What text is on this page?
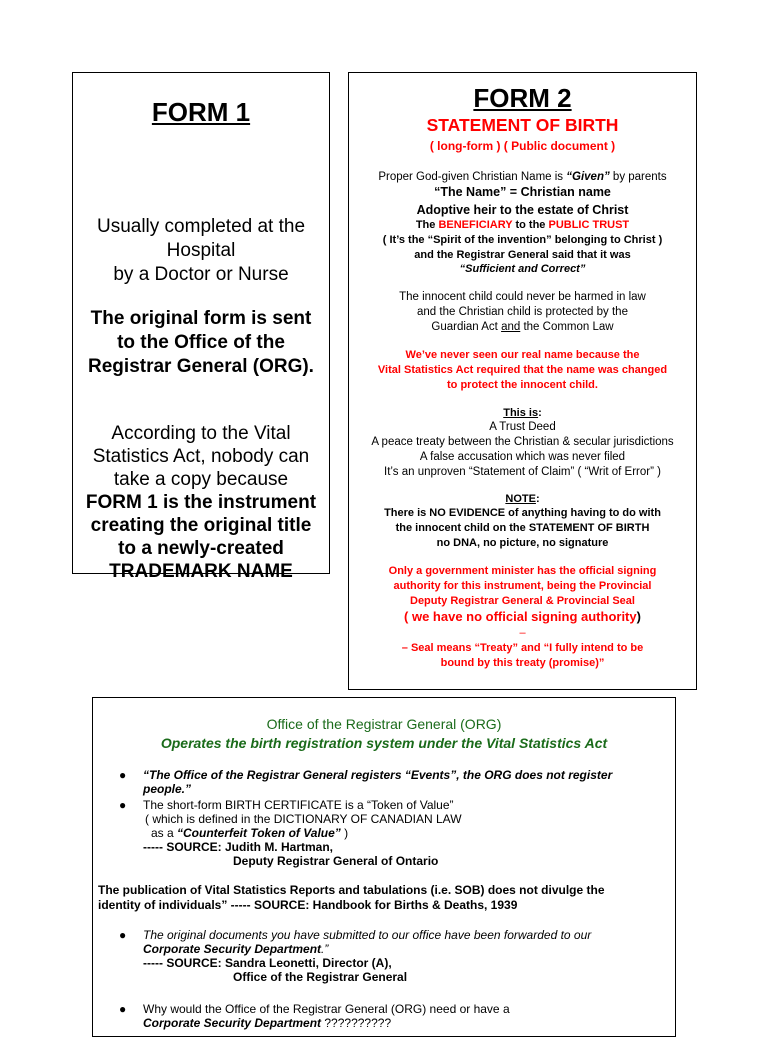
FORM 1
Usually completed at the
Hospital
by a Doctor or Nurse
The original form is sent
to the Office of the
Registrar General (ORG).
According to the Vital
Statistics Act, nobody can
take a copy because
FORM 1 is the instrument
creating the original title
to a newly-created
TRADEMARK NAME
FORM 2
STATEMENT OF BIRTH
( long-form ) ( Public document )
Proper God-given Christian Name is “Given” by parents
“The Name” = Christian name
Adoptive heir to the estate of Christ
The BENEFICIARY to the PUBLIC TRUST
( It’s the “Spirit of the invention” belonging to Christ )
and the Registrar General said that it was
“Sufficient and Correct”
The innocent child could never be harmed in law
and the Christian child is protected by the
Guardian Act and the Common Law
We’ve never seen our real name because the
Vital Statistics Act required that the name was changed
to protect the innocent child.
This is:
A Trust Deed
A peace treaty between the Christian & secular jurisdictions
A false accusation which was never filed
It’s an unproven “Statement of Claim” ( “Writ of Error” )
NOTE:
There is NO EVIDENCE of anything having to do with
the innocent child on the STATEMENT OF BIRTH
no DNA, no picture, no signature
Only a government minister has the official signing
authority for this instrument, being the Provincial
Deputy Registrar General & Provincial Seal
( we have no official signing authority)
–
– Seal means “Treaty” and “I fully intend to be
bound by this treaty (promise)”
Office of the Registrar General (ORG)
Operates the birth registration system under the Vital Statistics Act
● “The Office of the Registrar General registers “Events”, the ORG does not register
people.”
● The short-form BIRTH CERTIFICATE is a “Token of Value”
( which is defined in the DICTIONARY OF CANADIAN LAW
as a “Counterfeit Token of Value” )
----- SOURCE: Judith M. Hartman,
Deputy Registrar General of Ontario
The publication of Vital Statistics Reports and tabulations (i.e. SOB) does not divulge the
identity of individuals” ----- SOURCE: Handbook for Births & Deaths, 1939
● The original documents you have submitted to our office have been forwarded to our
Corporate Security Department.”
----- SOURCE: Sandra Leonetti, Director (A),
Office of the Registrar General
● Why would the Office of the Registrar General (ORG) need or have a
Corporate Security Department ??????????
